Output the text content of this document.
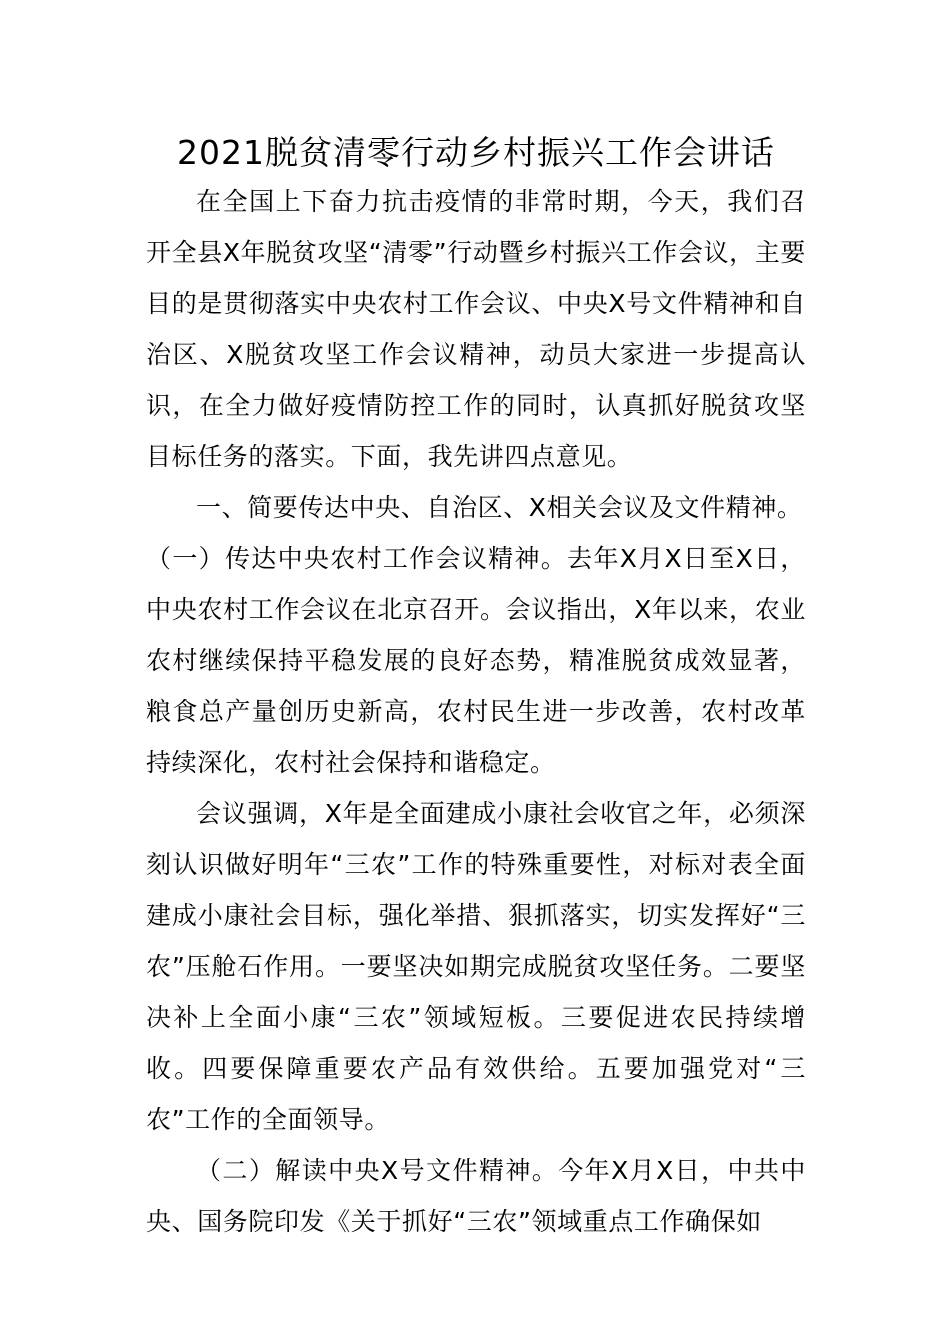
2021脱贫清零行动乡村振兴工作会讲话

在全国上下奋力抗击疫情的非常时期，今天，我们召开全县X年脱贫攻坚“清零”行动暨乡村振兴工作会议，主要目的是贯彻落实中央农村工作会议、中央X号文件精神和自治区、X脱贫攻坚工作会议精神，动员大家进一步提高认识，在全力做好疫情防控工作的同时，认真抓好脱贫攻坚目标任务的落实。下面，我先讲四点意见。

一、简要传达中央、自治区、X相关会议及文件精神。

（一）传达中央农村工作会议精神。去年X月X日至X日，中央农村工作会议在北京召开。会议指出，X年以来，农业农村继续保持平稳发展的良好态势，精准脱贫成效显著，粮食总产量创历史新高，农村民生进一步改善，农村改革持续深化，农村社会保持和谐稳定。

会议强调，X年是全面建成小康社会收官之年，必须深刻认识做好明年“三农”工作的特殊重要性，对标对表全面建成小康社会目标，强化举措、狠抓落实，切实发挥好“三农”压舱石作用。一要坚决如期完成脱贫攻坚任务。二要坚决补上全面小康“三农”领域短板。三要促进农民持续增收。四要保障重要农产品有效供给。五要加强党对“三农”工作的全面领导。

（二）解读中央X号文件精神。今年X月X日，中共中央、国务院印发《关于抓好“三农”领域重点工作确保如
